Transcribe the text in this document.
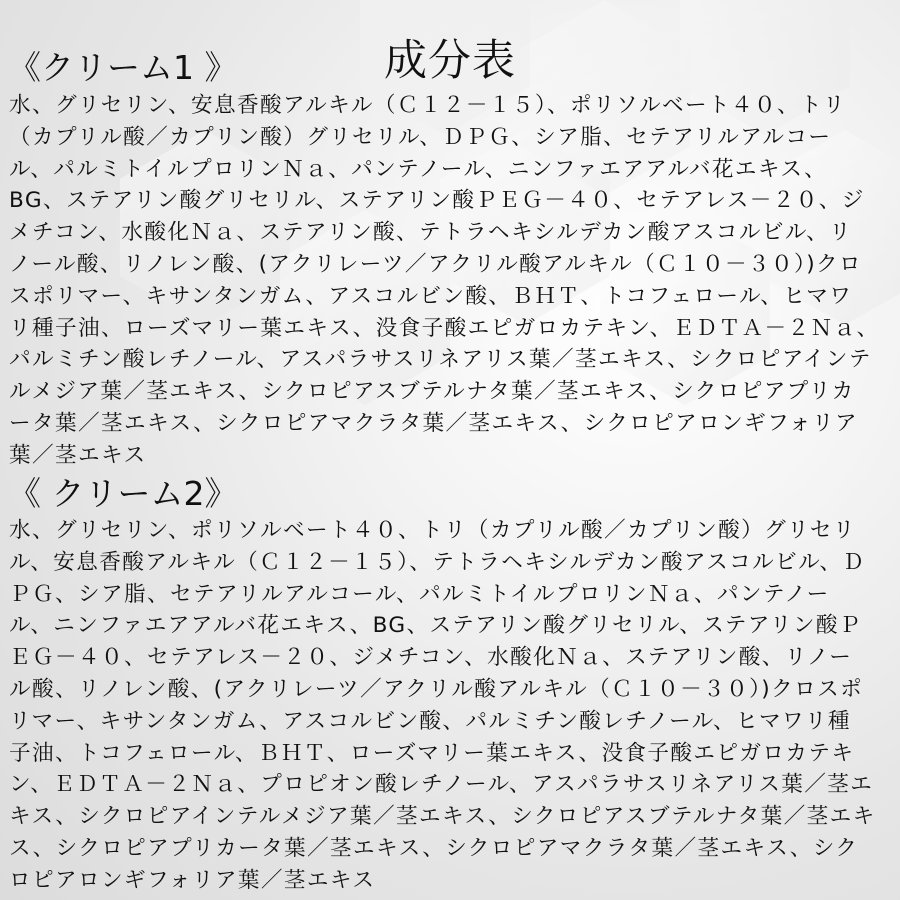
成分表
《クリーム1 》

水、グリセリン、安息香酸アルキル（Ｃ１２－１５）、ポリソルベート４０、トリ
（カプリル酸／カプリン酸）グリセリル、ＤＰＧ、シア脂、セテアリルアルコー
ル、パルミトイルプロリンＮａ、パンテノール、ニンファエアアルバ花エキス、
BG、ステアリン酸グリセリル、ステアリン酸ＰＥＧ－４０、セテアレス－２０、ジ
メチコン、水酸化Ｎａ、ステアリン酸、テトラヘキシルデカン酸アスコルビル、リ
ノール酸、リノレン酸、(アクリレーツ／アクリル酸アルキル（Ｃ１０－３０）)クロ
スポリマー、キサンタンガム、アスコルビン酸、ＢＨＴ、トコフェロール、ヒマワ
リ種子油、ローズマリー葉エキス、没食子酸エピガロカテキン、ＥＤＴＡ－２Ｎａ、
パルミチン酸レチノール、アスパラサスリネアリス葉／茎エキス、シクロピアインテ
ルメジア葉／茎エキス、シクロピアスブテルナタ葉／茎エキス、シクロピアプリカ
ータ葉／茎エキス、シクロピアマクラタ葉／茎エキス、シクロピアロンギフォリア
葉／茎エキス

《 クリーム2》

水、グリセリン、ポリソルベート４０、トリ（カプリル酸／カプリン酸）グリセリ
ル、安息香酸アルキル（Ｃ１２－１５）、テトラヘキシルデカン酸アスコルビル、Ｄ
ＰＧ、シア脂、セテアリルアルコール、パルミトイルプロリンＮａ、パンテノー
ル、ニンファエアアルバ花エキス、BG、ステアリン酸グリセリル、ステアリン酸Ｐ
ＥＧ－４０、セテアレス－２０、ジメチコン、水酸化Ｎａ、ステアリン酸、リノー
ル酸、リノレン酸、(アクリレーツ／アクリル酸アルキル（Ｃ１０－３０）)クロスポ
リマー、キサンタンガム、アスコルビン酸、パルミチン酸レチノール、ヒマワリ種
子油、トコフェロール、ＢＨＴ、ローズマリー葉エキス、没食子酸エピガロカテキ
ン、ＥＤＴＡ－２Ｎａ、プロピオン酸レチノール、アスパラサスリネアリス葉／茎エ
キス、シクロピアインテルメジア葉／茎エキス、シクロピアスブテルナタ葉／茎エキ
ス、シクロピアプリカータ葉／茎エキス、シクロピアマクラタ葉／茎エキス、シク
ロピアロンギフォリア葉／茎エキス
